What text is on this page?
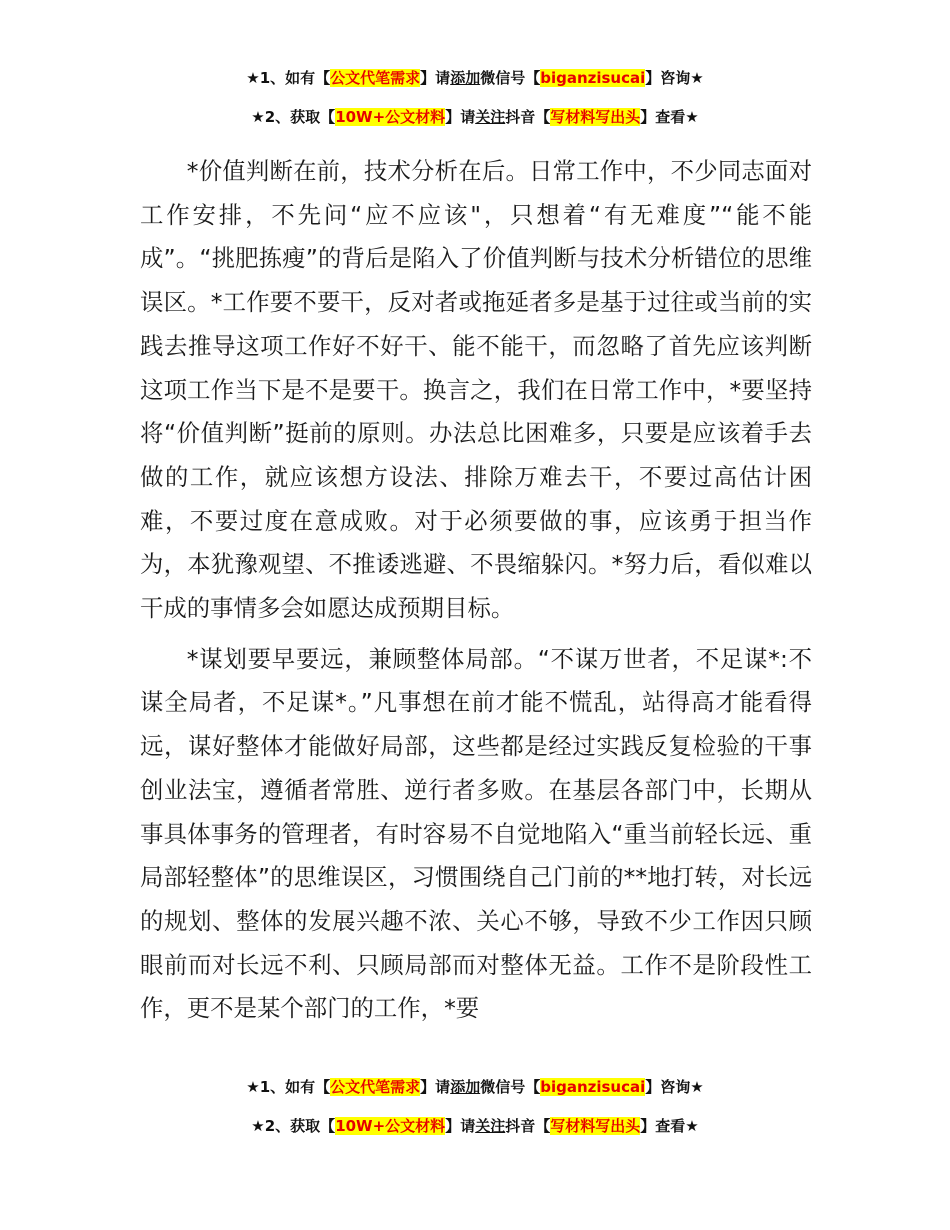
★1、如有【公文代笔需求】请添加微信号【biganzisucai】咨询★
★2、获取【10W+公文材料】请关注抖音【写材料写出头】查看★

*价值判断在前，技术分析在后。日常工作中，不少同志面对工作安排，不先问“应不应该"，只想着“有无难度”“能不能成”。“挑肥拣瘦”的背后是陷入了价值判断与技术分析错位的思维误区。*工作要不要干，反对者或拖延者多是基于过往或当前的实践去推导这项工作好不好干、能不能干，而忽略了首先应该判断这项工作当下是不是要干。换言之，我们在日常工作中，*要坚持将“价值判断”挺前的原则。办法总比困难多，只要是应该着手去做的工作，就应该想方设法、排除万难去干，不要过高估计困难，不要过度在意成败。对于必须要做的事，应该勇于担当作为，本犹豫观望、不推诿逃避、不畏缩躲闪。*努力后，看似难以干成的事情多会如愿达成预期目标。

*谋划要早要远，兼顾整体局部。“不谋万世者，不足谋*:不谋全局者，不足谋*。”凡事想在前才能不慌乱，站得高才能看得远，谋好整体才能做好局部，这些都是经过实践反复检验的干事创业法宝，遵循者常胜、逆行者多败。在基层各部门中，长期从事具体事务的管理者，有时容易不自觉地陷入“重当前轻长远、重局部轻整体”的思维误区，习惯围绕自己门前的**地打转，对长远的规划、整体的发展兴趣不浓、关心不够，导致不少工作因只顾眼前而对长远不利、只顾局部而对整体无益。工作不是阶段性工作，更不是某个部门的工作，*要

★1、如有【公文代笔需求】请添加微信号【biganzisucai】咨询★
★2、获取【10W+公文材料】请关注抖音【写材料写出头】查看★
